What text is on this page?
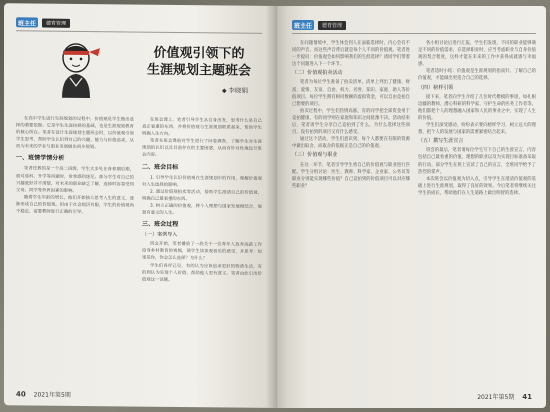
班主任	德育管理
价值观引领下的
生涯规划主题班会
◆ 李晓娟

在高中学生进行生涯规划的过程中，价值观是学生做出选择的重要依据。它是学生生涯抉择的基础，也是生涯规划教育的核心所在。笔者在设计生涯规划主题班会时，以价值观引领学生思考，帮助学生认识到自己的兴趣、能力与价值追求，从而为未来的学业与职业发展做出初步规划。

一、班情学情分析

笔者任教的是一个高二班级，学生大多处在青春期后期，面对选科、升学等问题时，常常感到迷茫。部分学生对自己的兴趣爱好并不清楚，对未来的职业缺乏了解，选择时容易受到父母、同学等外界因素的影响。

随着学生年龄的增长，他们开始独立思考人生的意义，逐渐形成自己的价值观。但由于社会阅历有限，学生的价值观尚不稳定，需要教师进行正确的引导。

在班会课上，笔者引导学生从自身出发，思考什么是自己真正看重的东西，并将价值观与生涯规划联系起来，帮助学生明确人生方向。

笔者在班会课前对学生进行了问卷调查，了解学生对生涯规划的认识以及目前存在的主要困惑，从而有针对性地设计班会内容。

二、班会目标

1. 引导学生认识价值观在生涯规划中的作用，理解价值观对人生选择的影响。

2. 通过价值观拍卖等活动，帮助学生澄清自己的价值观，明确自己最看重的东西。

3. 树立正确的价值观，将个人理想与国家发展相结合，规划有意义的人生。

三、班会过程
（一）案例导入

班会开始，笔者播放了一段关于一位青年人放弃高薪工作投身乡村教育的视频，请学生谈谈观看后的感受，并思考：如果是你，你会怎么选择？为什么？

学生们各抒己见，有的认为应该追求更好的物质生活，有的则认为实现个人价值、帮助他人更有意义。笔者由此引出价值观这一话题。

40 2021年第5期
班主任	德育管理

在问题情境中，学生体会到人在面临选择时，内心会有不同的声音，而这些声音背后就是每个人不同的价值观。笔者进一步提问：价值观会如何影响我们的生涯选择？请同学们带着这个问题进入下一个环节。

（二）价值观拍卖活动

笔者为每位学生准备了拍卖清单，清单上列出了健康、财富、爱情、友谊、自由、权力、名誉、知识、家庭、助人等价值项目。每位学生拥有相同数额的虚拟资金，可以自由竞拍自己想要的项目。

拍卖过程中，学生们热情高涨，有的同学把全部资金用于竞拍健康，有的同学则在家庭和知识之间犹豫不决。活动结束后，笔者请学生分享自己竞拍到了什么，为什么选择这些项目，没有拍到的项目又有什么感受。

通过这个活动，学生们意识到，每个人都要在有限的资源中做出取舍，而取舍的依据正是自己的价值观。

（三）价值观与职业

在这一环节，笔者引导学生将自己的价值观与职业进行匹配。学生分组讨论：医生、教师、科学家、企业家、公务员等职业分别能实现哪些价值？自己竞拍到的价值项目可以对应哪些职业？

各小组讨论后进行汇报，学生们发现，不同的职业能够满足不同的价值需求，在选择职业时，应当考虑职业与自身价值观的契合程度，这样才能在未来的工作中获得成就感与幸福感。

笔者适时小结：价值观是生涯规划的指南针。了解自己的价值观，才能做出更适合自己的选择。

（四）榜样引领

接下来，笔者向学生介绍了几位时代楷模的事迹，如扎根边疆的教师、潜心科研的科学家、守护生命的医务工作者等。他们都把个人的理想融入国家和人民的事业之中，实现了人生的价值。

学生们深受感动，纷纷表示要向榜样学习，树立远大的理想，把个人的发展与国家的需要紧密结合起来。

（五）撰写生涯宣言

班会的最后，笔者请每位学生写下自己的生涯宣言，内容包括自己最看重的价值、理想的职业以及为实现目标准备采取的行动。部分学生在班上宣读了自己的宣言，全班同学给予了热烈的掌声。

本次班会以价值观为切入点，引导学生在澄清价值观的基础上进行生涯规划，取得了良好的效果。今后笔者将继续关注学生的成长，帮助他们在人生道路上做出明智的选择。

2021年第5期 41
